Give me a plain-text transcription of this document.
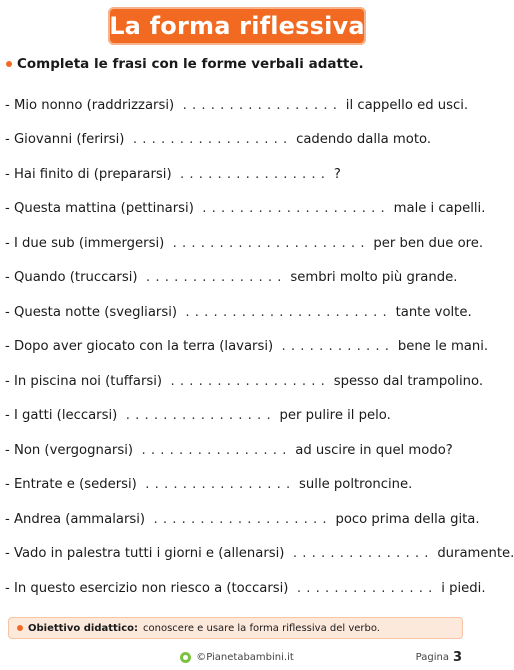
La forma riflessiva
Completa le frasi con le forme verbali adatte.
- Mio nonno (raddrizzarsi)
. . . . . . . . . . . . . . . . .
il cappello ed usci.
- Giovanni (ferirsi)
. . . . . . . . . . . . . . . . .
cadendo dalla moto.
- Hai finito di (prepararsi)
. . . . . . . . . . . . . . . .
?
- Questa mattina (pettinarsi)
. . . . . . . . . . . . . . . . . . . .
male i capelli.
- I due sub (immergersi)
. . . . . . . . . . . . . . . . . . . . .
per ben due ore.
- Quando (truccarsi)
. . . . . . . . . . . . . . .
sembri molto più grande.
- Questa notte (svegliarsi)
. . . . . . . . . . . . . . . . . . . . . .
tante volte.
- Dopo aver giocato con la terra (lavarsi)
. . . . . . . . . . . .
bene le mani.
- In piscina noi (tuffarsi)
. . . . . . . . . . . . . . . . .
spesso dal trampolino.
- I gatti (leccarsi)
. . . . . . . . . . . . . . . .
per pulire il pelo.
- Non (vergognarsi)
. . . . . . . . . . . . . . . .
ad uscire in quel modo?
- Entrate e (sedersi)
. . . . . . . . . . . . . . . .
sulle poltroncine.
- Andrea (ammalarsi)
. . . . . . . . . . . . . . . . . . .
poco prima della gita.
- Vado in palestra tutti i giorni e (allenarsi)
. . . . . . . . . . . . . . .
duramente.
- In questo esercizio non riesco a (toccarsi)
. . . . . . . . . . . . . . .
i piedi.
Obiettivo didattico: conoscere e usare la forma riflessiva del verbo.
©Pianetabambini.it	Pagina 3
